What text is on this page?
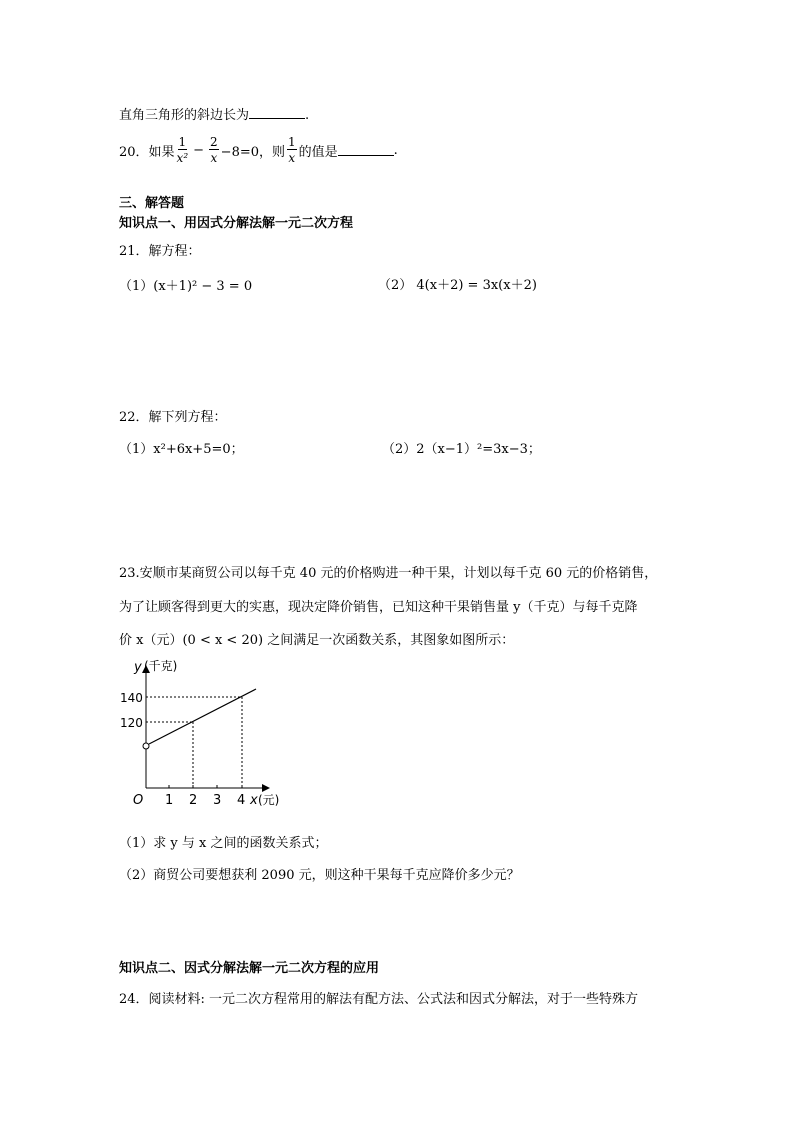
直角三角形的斜边长为	.
20．如果 $\frac{1}{\text{x²}} - \frac{2}{x} -8=0$，则 $\frac{1}{x}$ 的值是	.
三、解答题
知识点一、用因式分解法解一元二次方程
21．解方程：
（1）(x＋1)² − 3 = 0	（2） 4(x＋2) = 3x(x＋2)
22．解下列方程：
（1）x²+6x+5=0；	（2）2（x−1）²=3x−3；
23.安顺市某商贸公司以每千克 40 元的价格购进一种干果，计划以每千克 60 元的价格销售，
为了让顾客得到更大的实惠，现决定降价销售，已知这种干果销售量 y（千克）与每千克降
价 x（元）(0 < x < 20) 之间满足一次函数关系，其图象如图所示：
y (千克)
140
120
O 1 2 3 4 x (元)
（1）求 y 与 x 之间的函数关系式；
（2）商贸公司要想获利 2090 元，则这种干果每千克应降价多少元？
知识点二、因式分解法解一元二次方程的应用
24．阅读材料: 一元二次方程常用的解法有配方法、公式法和因式分解法，对于一些特殊方
